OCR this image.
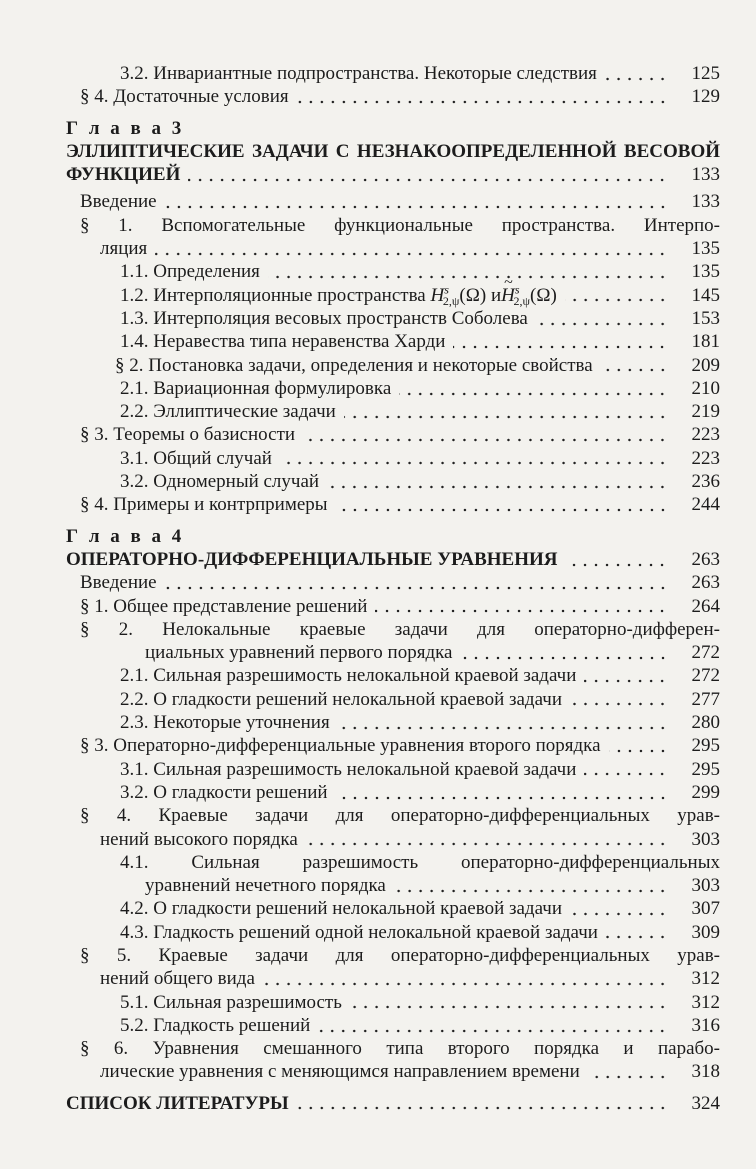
3.2. Инвариантные подпространства. Некоторые следствия	125
§ 4. Достаточные условия	129
Г л а в а 3
ЭЛЛИПТИЧЕСКИЕ ЗАДАЧИ С НЕЗНАКООПРЕДЕЛЕННОЙ ВЕСОВОЙ
ФУНКЦИЕЙ	133
Введение	133
§ 1. Вспомогательные функциональные пространства. Интерпо-
ляция	135
1.1. Определения	135
1.2. Интерполяционные пространства $H^s_{2,\psi}(\Omega)$ и~ $H^s_{2,\psi}(\Omega)$	145
1.3. Интерполяция весовых пространств Соболева	153
1.4. Неравества типа неравенства Харди	181
§ 2. Постановка задачи, определения и некоторые свойства	209
2.1. Вариационная формулировка	210
2.2. Эллиптические задачи	219
§ 3. Теоремы о базисности	223
3.1. Общий случай	223
3.2. Одномерный случай	236
§ 4. Примеры и контрпримеры	244
Г л а в а 4
ОПЕРАТОРНО-ДИФФЕРЕНЦИАЛЬНЫЕ УРАВНЕНИЯ	263
Введение	263
§ 1. Общее представление решений	264
§ 2. Нелокальные краевые задачи для операторно-дифферен-
циальных уравнений первого порядка	272
2.1. Сильная разрешимость нелокальной краевой задачи	272
2.2. О гладкости решений нелокальной краевой задачи	277
2.3. Некоторые уточнения	280
§ 3. Операторно-дифференциальные уравнения второго порядка	295
3.1. Сильная разрешимость нелокальной краевой задачи	295
3.2. О гладкости решений	299
§ 4. Краевые задачи для операторно-дифференциальных урав-
нений высокого порядка	303
4.1. Сильная разрешимость операторно-дифференциальных
уравнений нечетного порядка	303
4.2. О гладкости решений нелокальной краевой задачи	307
4.3. Гладкость решений одной нелокальной краевой задачи	309
§ 5. Краевые задачи для операторно-дифференциальных урав-
нений общего вида	312
5.1. Сильная разрешимость	312
5.2. Гладкость решений	316
§ 6. Уравнения смешанного типа второго порядка и парабо-
лические уравнения с меняющимся направлением времени	318
СПИСОК ЛИТЕРАТУРЫ	324
